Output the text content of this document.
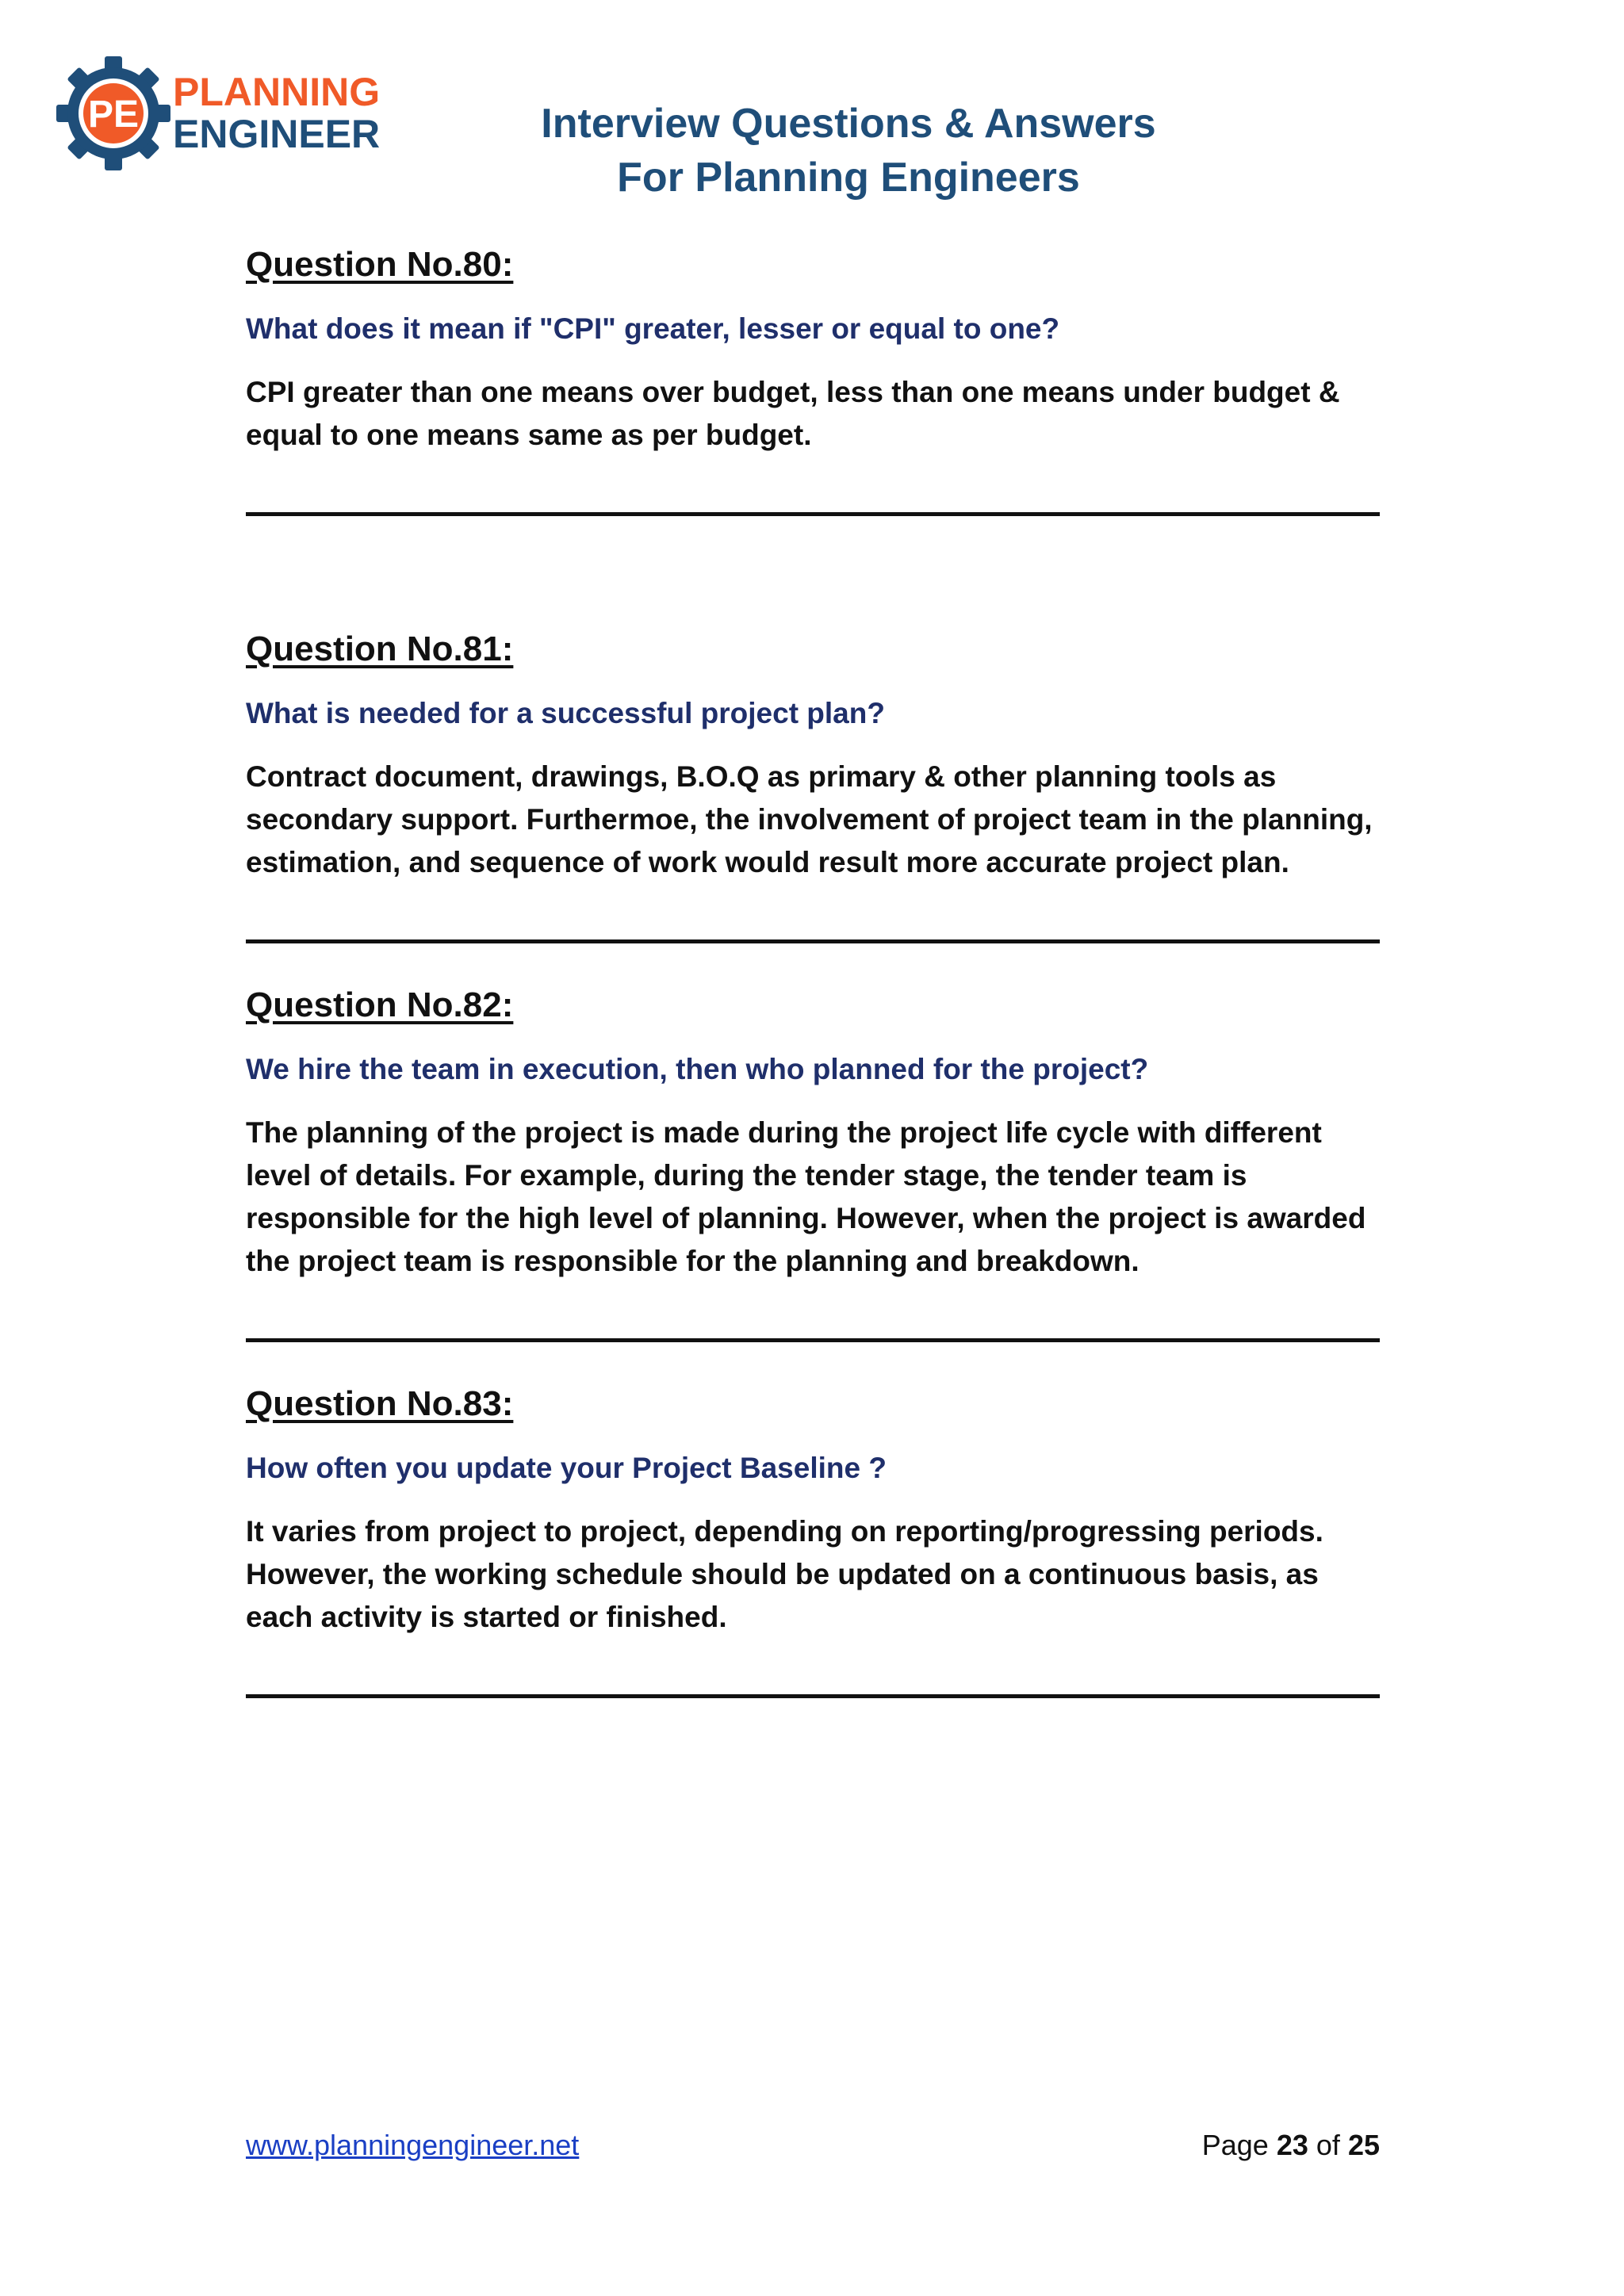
PE
PLANNING
ENGINEER	Interview Questions & Answers
For Planning Engineers

Question No.80:

What does it mean if "CPI" greater, lesser or equal to one?

CPI greater than one means over budget, less than one means under budget & equal to one means same as per budget.

Question No.81:

What is needed for a successful project plan?

Contract document, drawings, B.O.Q as primary & other planning tools as secondary support. Furthermoe, the involvement of project team in the planning, estimation, and sequence of work would result more accurate project plan.

Question No.82:

We hire the team in execution, then who planned for the project?

The planning of the project is made during the project life cycle with different level of details. For example, during the tender stage, the tender team is responsible for the high level of planning. However, when the project is awarded the project team is responsible for the planning and breakdown.

Question No.83:

How often you update your Project Baseline ?

It varies from project to project, depending on reporting/progressing periods. However, the working schedule should be updated on a continuous basis, as each activity is started or finished.

www.planningengineer.net	Page 23 of 25
